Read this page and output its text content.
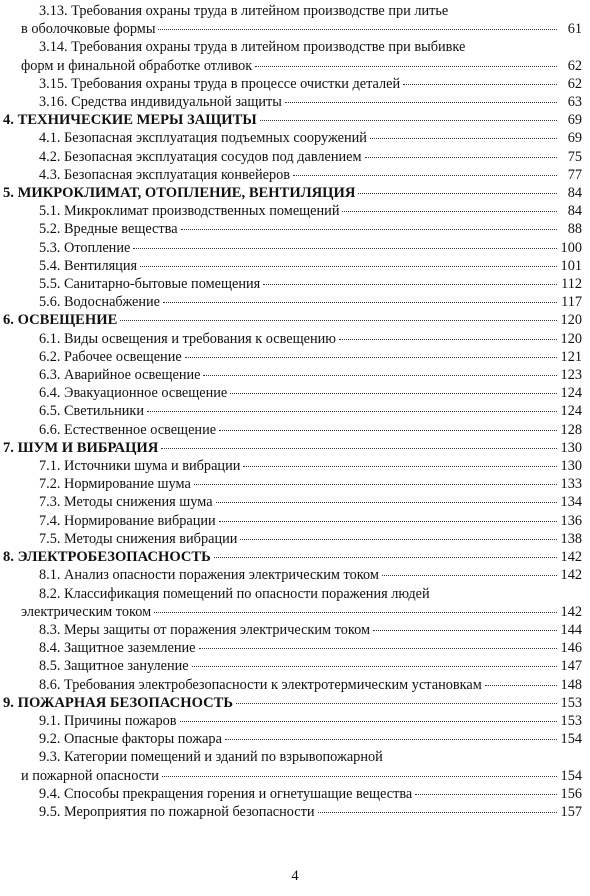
3.13. Требования охраны труда в литейном производстве при литье
в оболочковые формы	61
3.14. Требования охраны труда в литейном производстве при выбивке
форм и финальной обработке отливок	62
3.15. Требования охраны труда в процессе очистки деталей	62
3.16. Средства индивидуальной защиты	63
4. ТЕХНИЧЕСКИЕ МЕРЫ ЗАЩИТЫ	69
4.1. Безопасная эксплуатация подъемных сооружений	69
4.2. Безопасная эксплуатация сосудов под давлением	75
4.3. Безопасная эксплуатация конвейеров	77
5. МИКРОКЛИМАТ, ОТОПЛЕНИЕ, ВЕНТИЛЯЦИЯ	84
5.1. Микроклимат производственных помещений	84
5.2. Вредные вещества	88
5.3. Отопление	100
5.4. Вентиляция	101
5.5. Санитарно-бытовые помещения	112
5.6. Водоснабжение	117
6. ОСВЕЩЕНИЕ	120
6.1. Виды освещения и требования к освещению	120
6.2. Рабочее освещение	121
6.3. Аварийное освещение	123
6.4. Эвакуационное освещение	124
6.5. Светильники	124
6.6. Естественное освещение	128
7. ШУМ И ВИБРАЦИЯ	130
7.1. Источники шума и вибрации	130
7.2. Нормирование шума	133
7.3. Методы снижения шума	134
7.4. Нормирование вибрации	136
7.5. Методы снижения вибрации	138
8. ЭЛЕКТРОБЕЗОПАСНОСТЬ	142
8.1. Анализ опасности поражения электрическим током	142
8.2. Классификация помещений по опасности поражения людей
электрическим током	142
8.3. Меры защиты от поражения электрическим током	144
8.4. Защитное заземление	146
8.5. Защитное зануление	147
8.6. Требования электробезопасности к электротермическим установкам	148
9. ПОЖАРНАЯ БЕЗОПАСНОСТЬ	153
9.1. Причины пожаров	153
9.2. Опасные факторы пожара	154
9.3. Категории помещений и зданий по взрывопожарной
и пожарной опасности	154
9.4. Способы прекращения горения и огнетушащие вещества	156
9.5. Мероприятия по пожарной безопасности	157
4
